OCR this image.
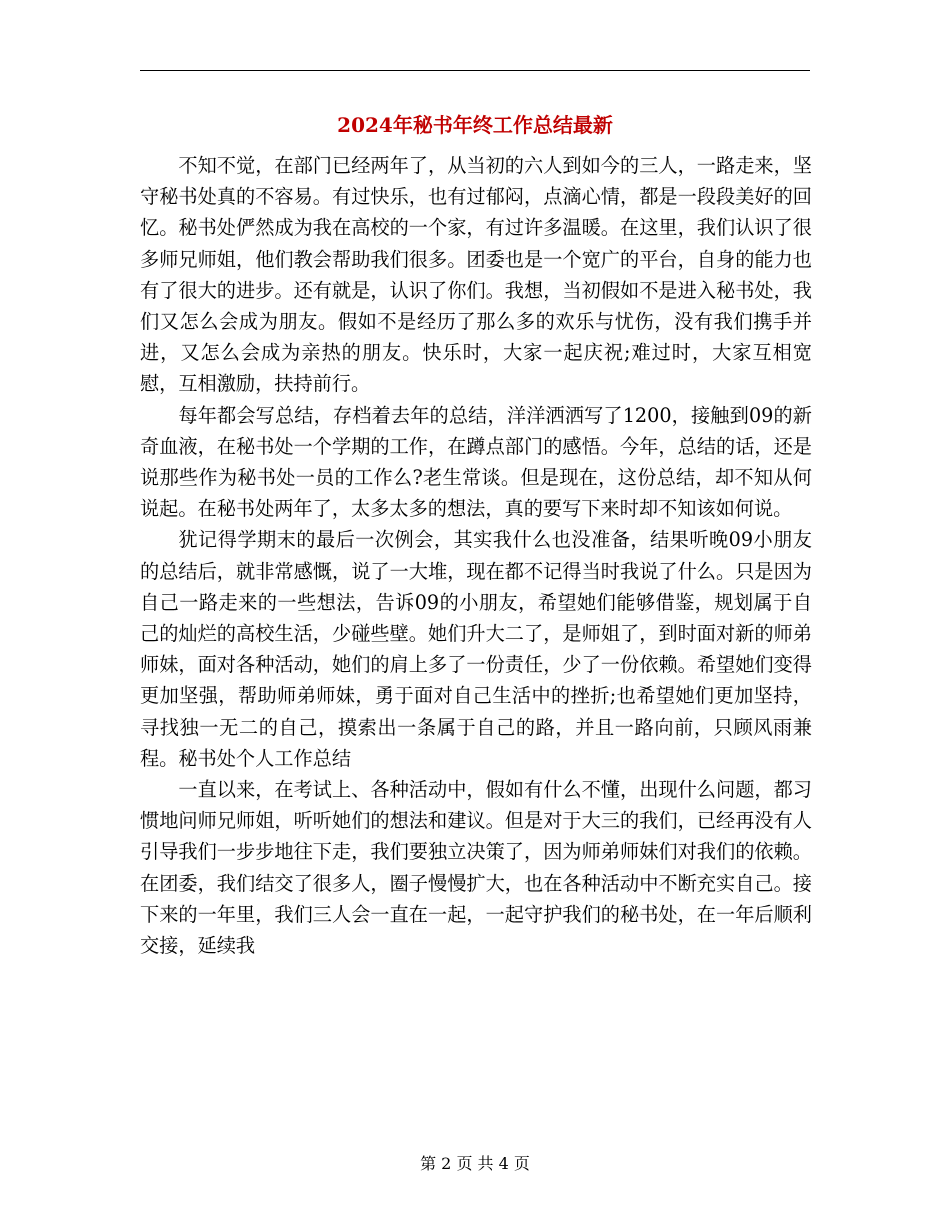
2024年秘书年终工作总结最新

不知不觉，在部门已经两年了，从当初的六人到如今的三人，一路走来，坚守秘书处真的不容易。有过快乐，也有过郁闷，点滴心情，都是一段段美好的回忆。秘书处俨然成为我在高校的一个家，有过许多温暖。在这里，我们认识了很多师兄师姐，他们教会帮助我们很多。团委也是一个宽广的平台，自身的能力也有了很大的进步。还有就是，认识了你们。我想，当初假如不是进入秘书处，我们又怎么会成为朋友。假如不是经历了那么多的欢乐与忧伤，没有我们携手并进，又怎么会成为亲热的朋友。快乐时，大家一起庆祝;难过时，大家互相宽慰，互相激励，扶持前行。

每年都会写总结，存档着去年的总结，洋洋洒洒写了1200，接触到09的新奇血液，在秘书处一个学期的工作，在蹲点部门的感悟。今年，总结的话，还是说那些作为秘书处一员的工作么?老生常谈。但是现在，这份总结，却不知从何说起。在秘书处两年了，太多太多的想法，真的要写下来时却不知该如何说。

犹记得学期末的最后一次例会，其实我什么也没准备，结果听晚09小朋友的总结后，就非常感慨，说了一大堆，现在都不记得当时我说了什么。只是因为自己一路走来的一些想法，告诉09的小朋友，希望她们能够借鉴，规划属于自己的灿烂的高校生活，少碰些壁。她们升大二了，是师姐了，到时面对新的师弟师妹，面对各种活动，她们的肩上多了一份责任，少了一份依赖。希望她们变得更加坚强，帮助师弟师妹，勇于面对自己生活中的挫折;也希望她们更加坚持，寻找独一无二的自己，摸索出一条属于自己的路，并且一路向前，只顾风雨兼程。秘书处个人工作总结

一直以来，在考试上、各种活动中，假如有什么不懂，出现什么问题，都习惯地问师兄师姐，听听她们的想法和建议。但是对于大三的我们，已经再没有人引导我们一步步地往下走，我们要独立决策了，因为师弟师妹们对我们的依赖。在团委，我们结交了很多人，圈子慢慢扩大，也在各种活动中不断充实自己。接下来的一年里，我们三人会一直在一起，一起守护我们的秘书处，在一年后顺利交接，延续我

第 2 页 共 4 页
